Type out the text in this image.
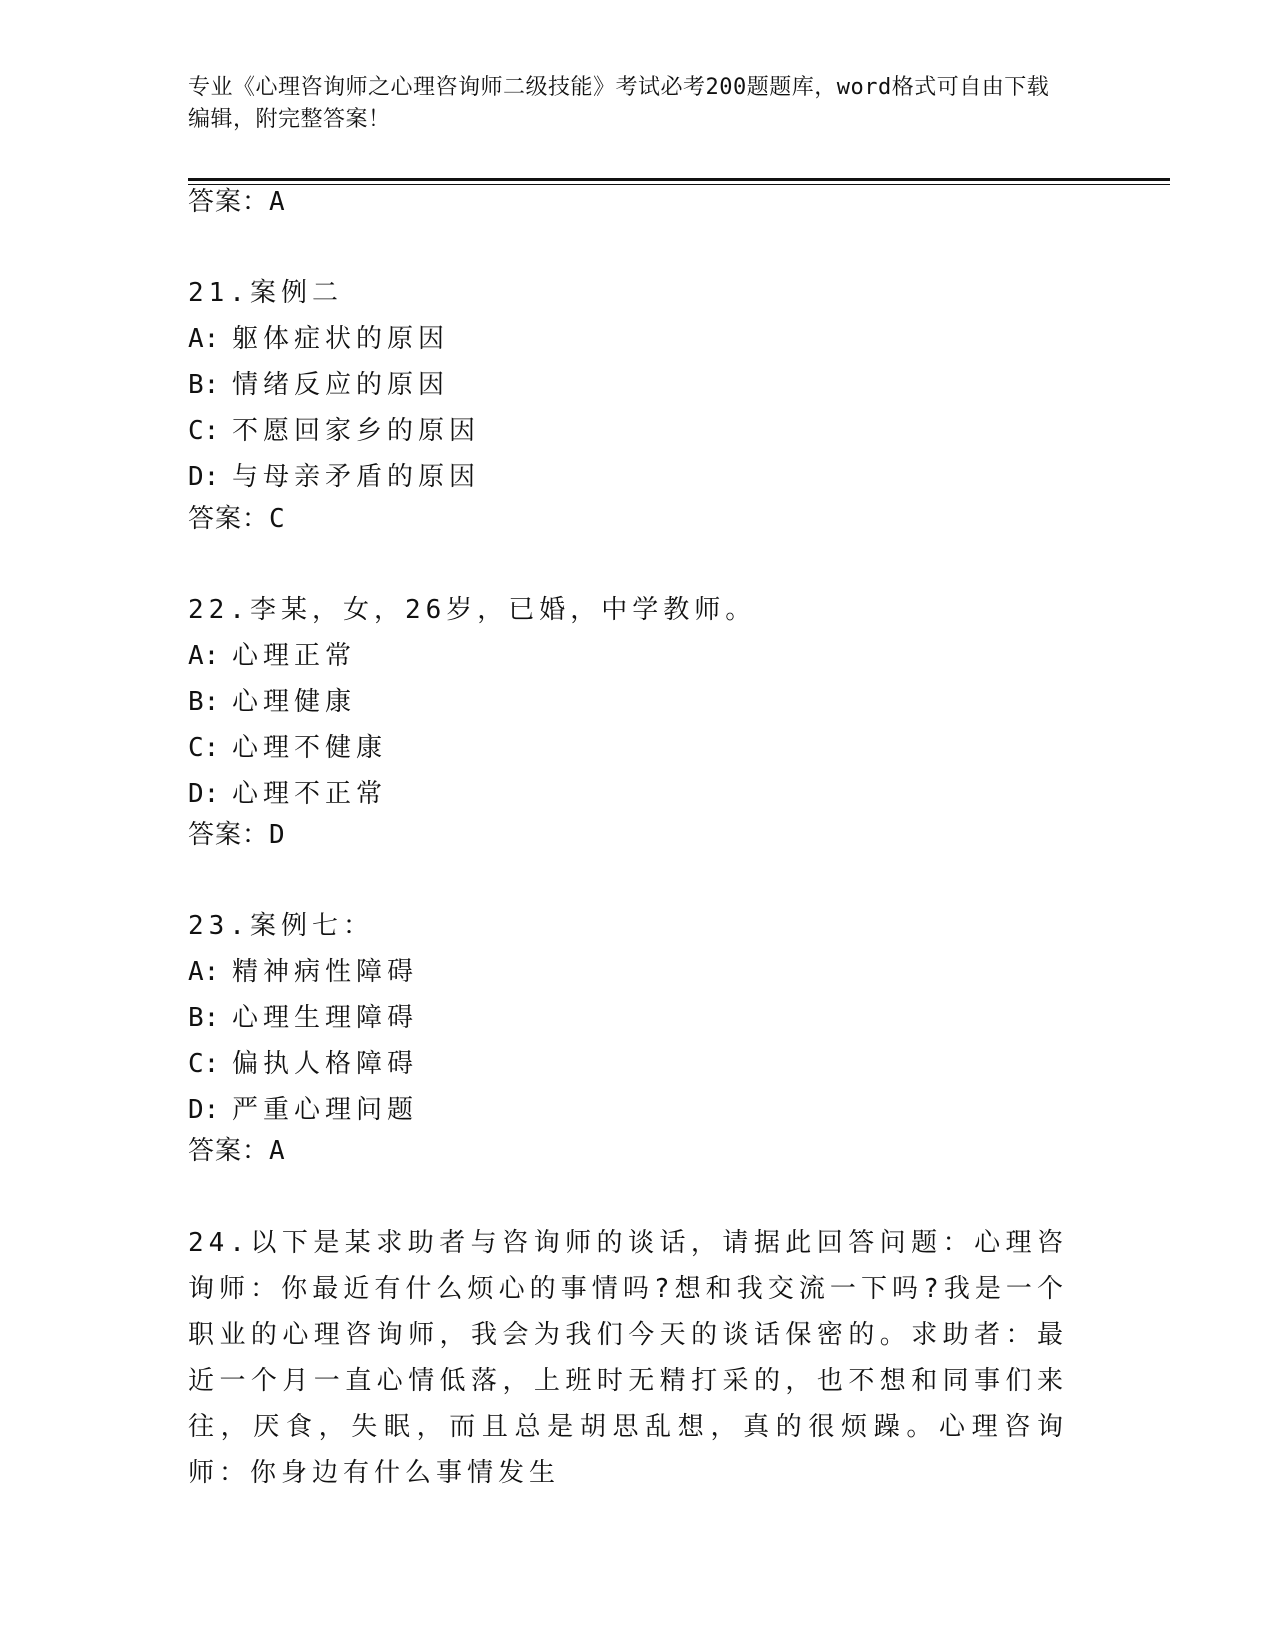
专业《心理咨询师之心理咨询师二级技能》考试必考200题题库，word格式可自由下载编辑，附完整答案！
答案：A
21.案例二
A: 躯体症状的原因
B: 情绪反应的原因
C: 不愿回家乡的原因
D: 与母亲矛盾的原因
答案：C
22.李某，女，26岁，已婚，中学教师。
A: 心理正常
B: 心理健康
C: 心理不健康
D: 心理不正常
答案：D
23.案例七：
A: 精神病性障碍
B: 心理生理障碍
C: 偏执人格障碍
D: 严重心理问题
答案：A
24.以下是某求助者与咨询师的谈话，请据此回答问题：心理咨询师：你最近有什么烦心的事情吗?想和我交流一下吗?我是一个职业的心理咨询师，我会为我们今天的谈话保密的。求助者：最近一个月一直心情低落，上班时无精打采的，也不想和同事们来往，厌食，失眠，而且总是胡思乱想，真的很烦躁。心理咨询师：你身边有什么事情发生
